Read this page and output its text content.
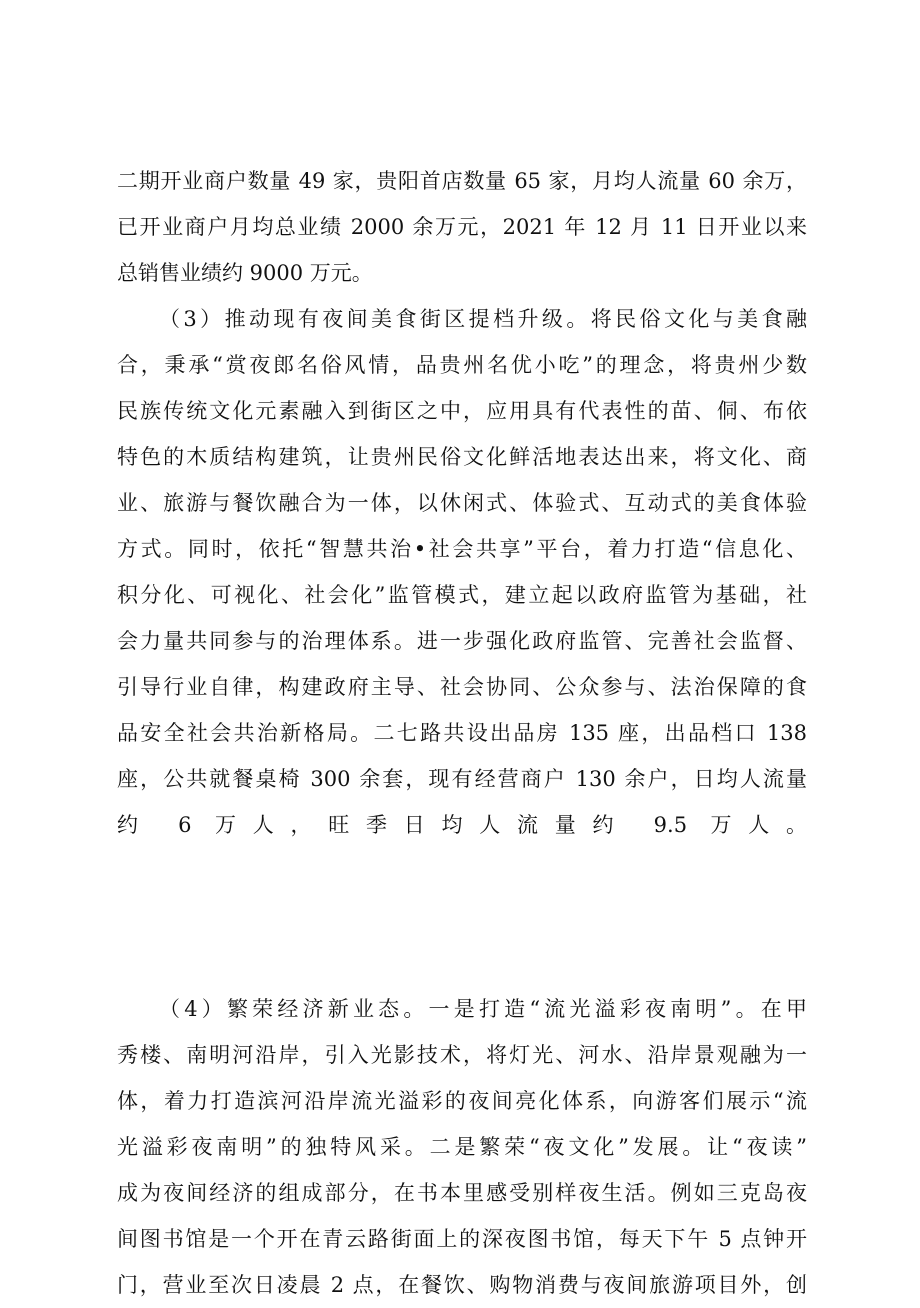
二期开业商户数量 49 家，贵阳首店数量 65 家，月均人流量 60 余万，
已开业商户月均总业绩 2000 余万元，2021 年 12 月 11 日开业以来
总销售业绩约 9000 万元。
（3）推动现有夜间美食街区提档升级。将民俗文化与美食融
合，秉承“赏夜郎名俗风情，品贵州名优小吃”的理念，将贵州少数
民族传统文化元素融入到街区之中，应用具有代表性的苗、侗、布依
特色的木质结构建筑，让贵州民俗文化鲜活地表达出来，将文化、商
业、旅游与餐饮融合为一体，以休闲式、体验式、互动式的美食体验
方式。同时，依托“智慧共治•社会共享”平台，着力打造“信息化、
积分化、可视化、社会化”监管模式，建立起以政府监管为基础，社
会力量共同参与的治理体系。进一步强化政府监管、完善社会监督、
引导行业自律，构建政府主导、社会协同、公众参与、法治保障的食
品安全社会共治新格局。二七路共设出品房 135 座，出品档口 138
座，公共就餐桌椅 300 余套，现有经营商户 130 余户，日均人流量
约 6 万人，旺季日均人流量约 9.5 万人。
（4）繁荣经济新业态。一是打造“流光溢彩夜南明”。在甲
秀楼、南明河沿岸，引入光影技术，将灯光、河水、沿岸景观融为一
体，着力打造滨河沿岸流光溢彩的夜间亮化体系，向游客们展示“流
光溢彩夜南明”的独特风采。二是繁荣“夜文化”发展。让“夜读”
成为夜间经济的组成部分，在书本里感受别样夜生活。例如三克岛夜
间图书馆是一个开在青云路街面上的深夜图书馆，每天下午 5 点钟开
门，营业至次日凌晨 2 点，在餐饮、购物消费与夜间旅游项目外，创
